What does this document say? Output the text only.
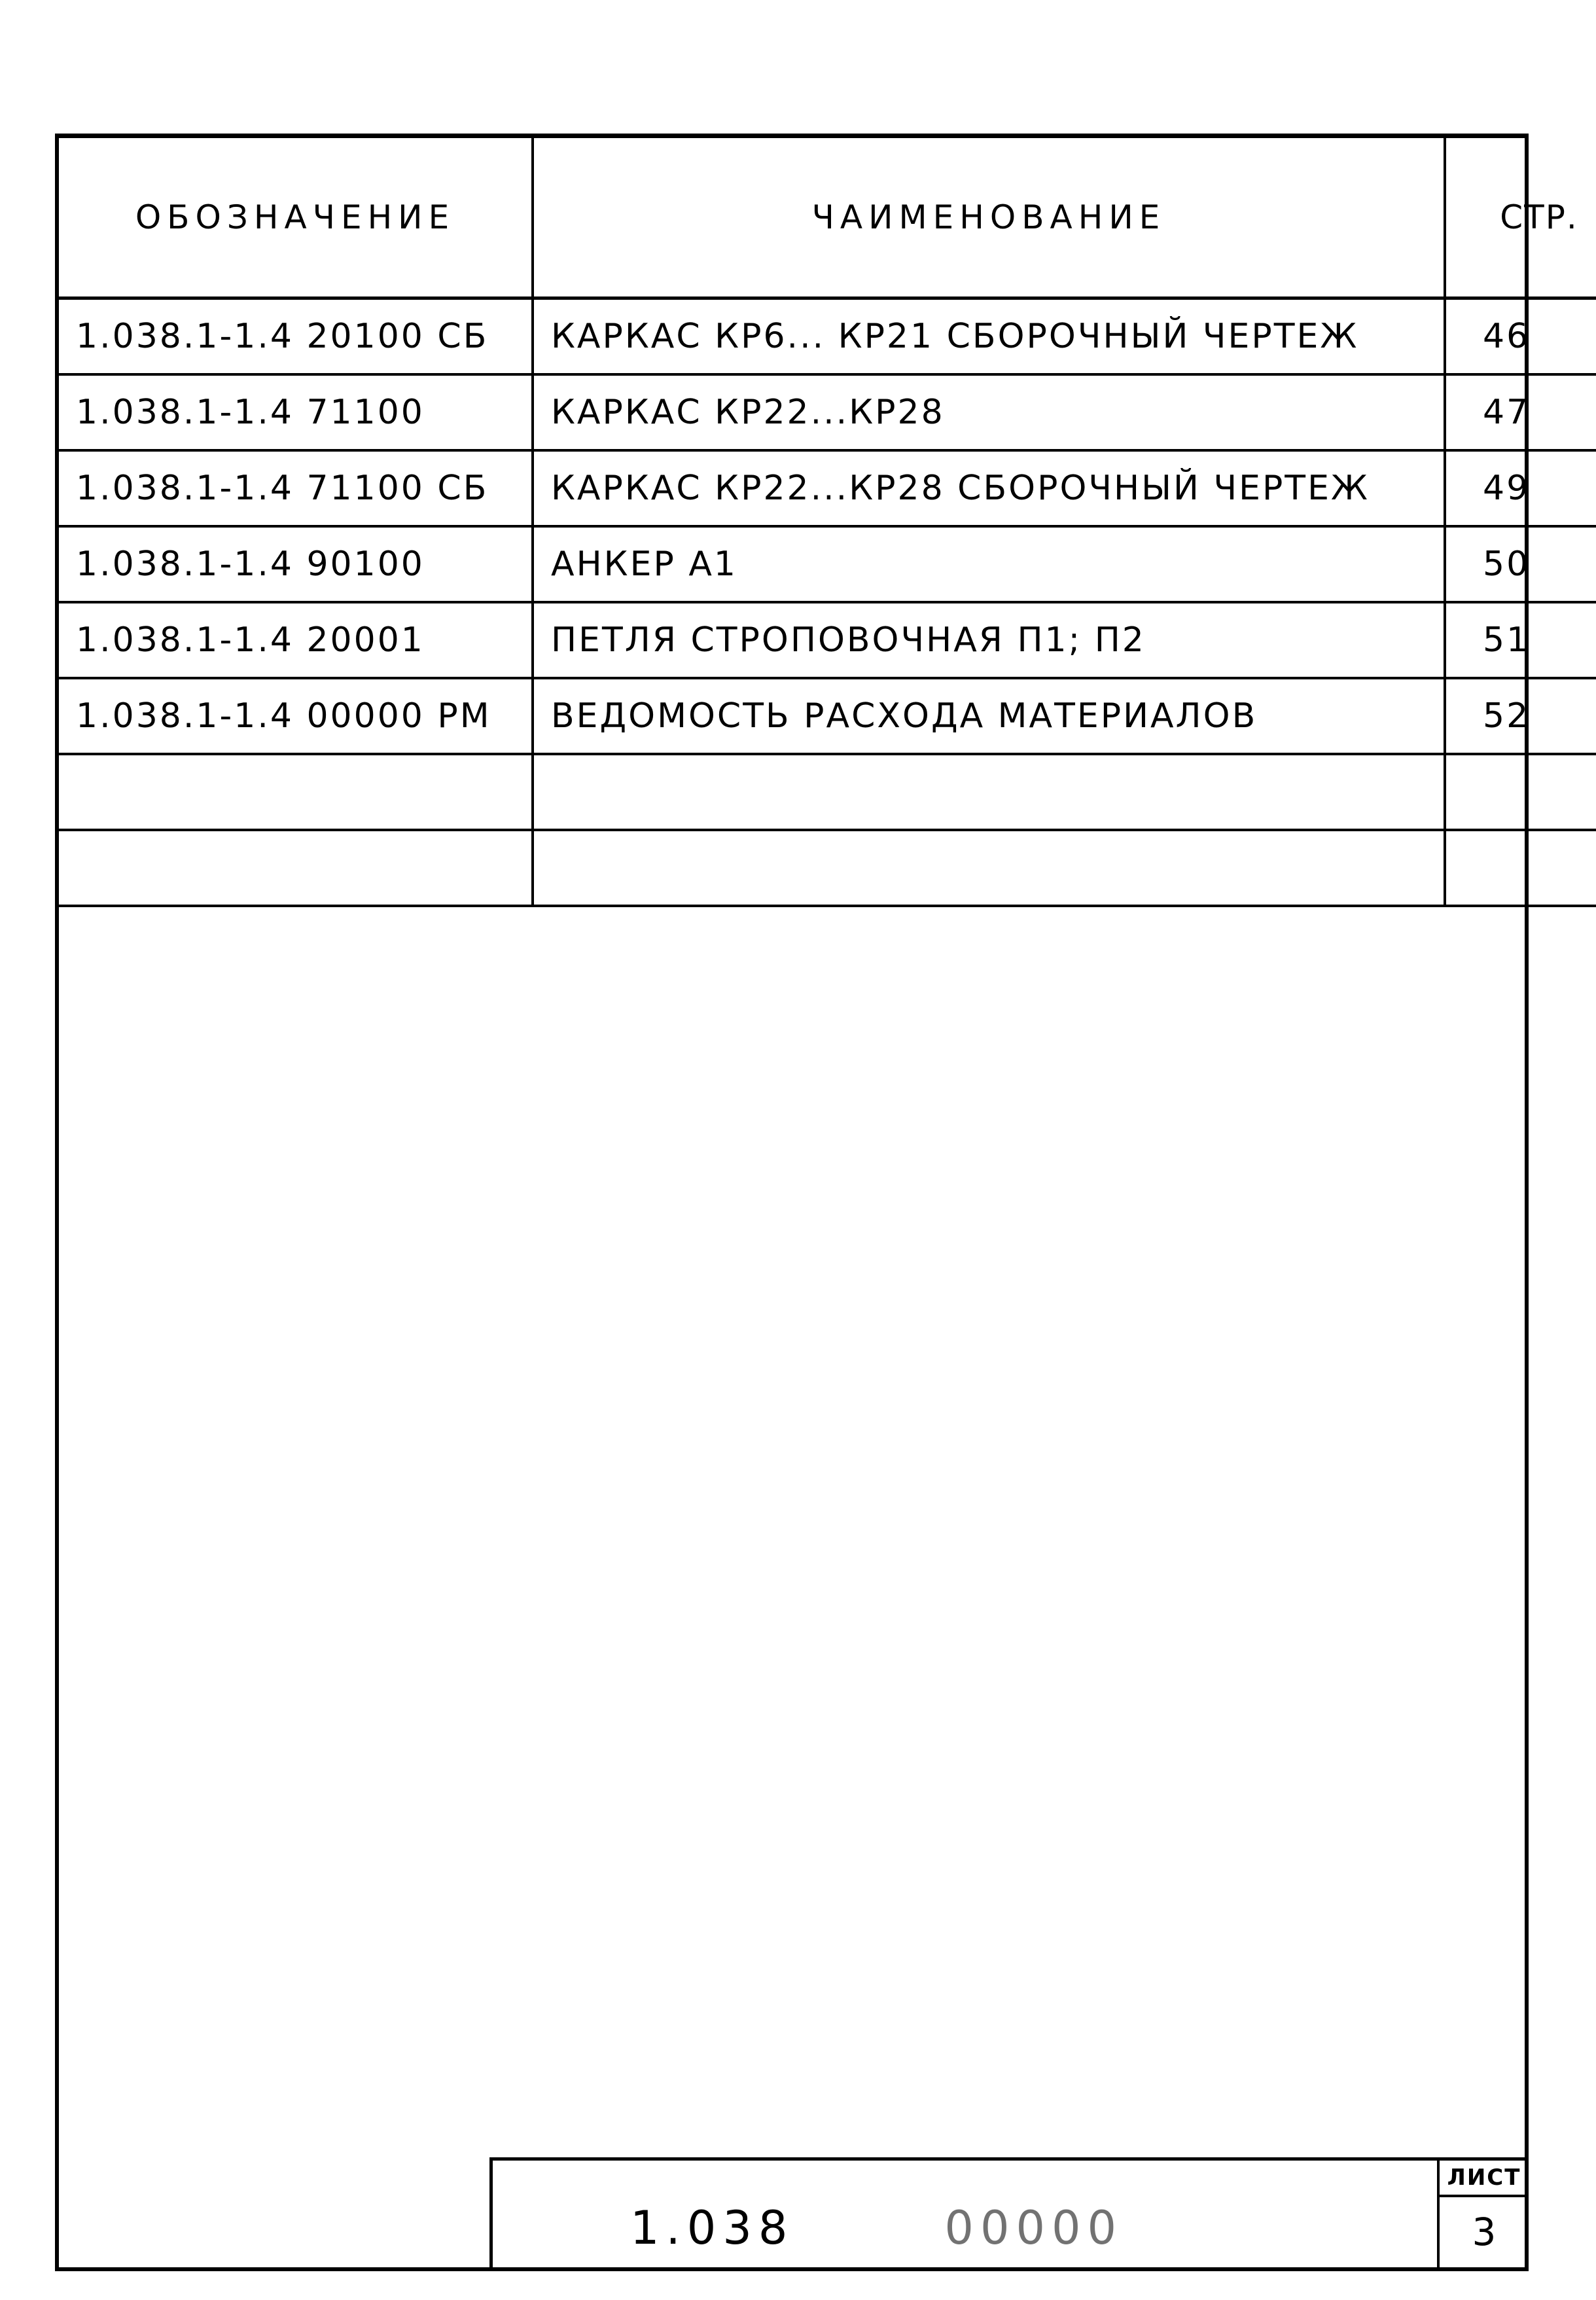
ОБОЗНАЧЕНИЕ	ЧАИМЕНОВАНИЕ	СТР.
1.038.1-1.4 20100 СБ	КАРКАС КР6... КР21 СБОРОЧНЫЙ ЧЕРТЕЖ	46
1.038.1-1.4 71100	КАРКАС КР22...КР28	47
1.038.1-1.4 71100 СБ	КАРКАС КР22...КР28 СБОРОЧНЫЙ ЧЕРТЕЖ	49
1.038.1-1.4 90100	АНКЕР А1	50
1.038.1-1.4 20001	ПЕТЛЯ СТРОПОВОЧНАЯ П1; П2	51
1.038.1-1.4 00000 РМ	ВЕДОМОСТЬ РАСХОДА МАТЕРИАЛОВ	52

1.038	00000
ЛИСТ
3
